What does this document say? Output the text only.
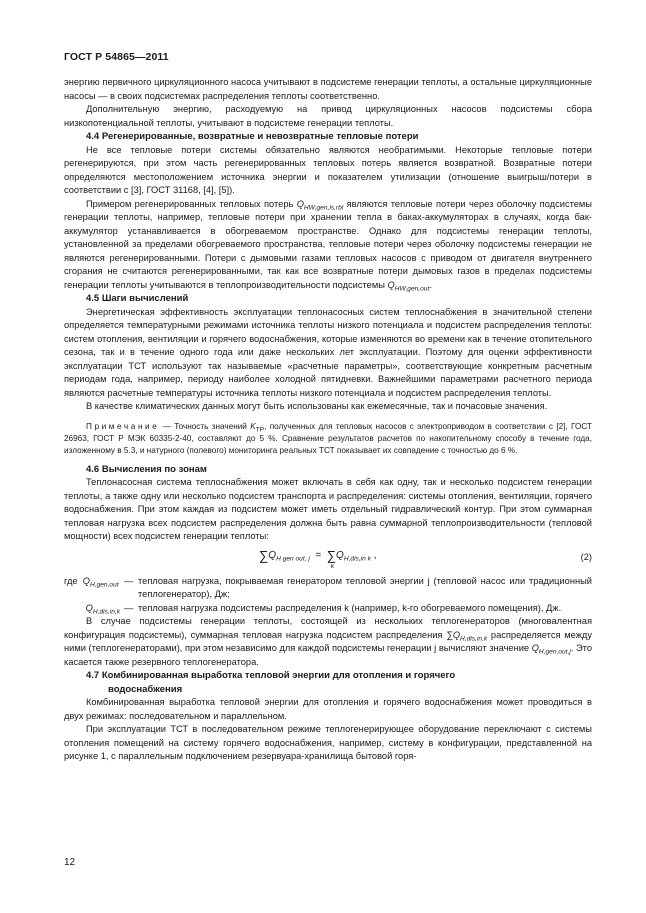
ГОСТ Р 54865—2011

энергию первичного циркуляционного насоса учитывают в подсистеме генерации теплоты, а остальные циркуляционные насосы — в своих подсистемах распределения теплоты соответственно.

Дополнительную энергию, расходуемую на привод циркуляционных насосов подсистемы сбора низкопотенциальной теплоты, учитывают в подсистеме генерации теплоты.

4.4 Регенерированные, возвратные и невозвратные тепловые потери

Не все тепловые потери системы обязательно являются необратимыми. Некоторые тепловые потери регенерируются, при этом часть регенерированных тепловых потерь является возвратной. Возвратные потери определяются местоположением источника энергии и показателем утилизации (отношение выигрыш/потери в соответствии с [3], ГОСТ 31168, [4], [5]).

Примером регенерированных тепловых потерь $Q_{HW,gen,ls,rbl}$ являются тепловые потери через оболочку подсистемы генерации теплоты, например, тепловые потери при хранении тепла в баках-аккумуляторах в случаях, когда бак-аккумулятор устанавливается в обогреваемом пространстве. Однако для подсистемы генерации теплоты, установленной за пределами обогреваемого пространства, тепловые потери через оболочку подсистемы генерации не являются регенерированными. Потери с дымовыми газами тепловых насосов с приводом от двигателя внутреннего сгорания не считаются регенерированными, так как все возвратные потери дымовых газов в пределах подсистемы генерации теплоты учитываются в теплопроизводительности подсистемы $Q_{HW,gen,out}$.

4.5 Шаги вычислений

Энергетическая эффективность эксплуатации теплонасосных систем теплоснабжения в значительной степени определяется температурными режимами источника теплоты низкого потенциала и подсистем распределения теплоты: систем отопления, вентиляции и горячего водоснабжения, которые изменяются во времени как в течение отопительного сезона, так и в течение одного года или даже нескольких лет эксплуатации. Поэтому для оценки эффективности эксплуатации ТСТ используют так называемые «расчетные параметры», соответствующие конкретным расчетным периодам года, например, периоду наиболее холодной пятидневки. Важнейшими параметрами расчетного периода являются расчетные температуры источника теплоты низкого потенциала и подсистем распределения теплоты.

В качестве климатических данных могут быть использованы как ежемесячные, так и почасовые значения.

Примечание — Точность значений $K_{ТР}$, полученных для тепловых насосов с электроприводом в соответствии с [2], ГОСТ 26963, ГОСТ Р МЭК 60335-2-40, составляют до 5 %. Сравнение результатов расчетов по накопительному способу в течение года, изложенному в 5.3, и натурного (полевого) мониторинга реальных ТСТ показывает их совпадение с точностью до 6 %.
4.6 Вычисления по зонам

Теплонасосная система теплоснабжения может включать в себя как одну, так и несколько подсистем генерации теплоты, а также одну или несколько подсистем транспорта и распределения: системы отопления, вентиляции, горячего водоснабжения. При этом каждая из подсистем может иметь отдельный гидравлический контур. При этом суммарная тепловая нагрузка всех подсистем распределения должна быть равна суммарной теплопроизводительности (тепловой мощности) всех подсистем генерации теплоты:

$\sum Q_{H gen out, j}$ = ∑
k
$Q_{H,dis,in k}$ ,	(2)
где $Q_{H,gen,out}$ — тепловая нагрузка, покрываемая генератором тепловой энергии j (тепловой насос или традиционный теплогенератор), Дж;
$Q_{H,dis,in,k}$ — тепловая нагрузка подсистемы распределения k (например, k-го обогреваемого помещения), Дж.

В случае подсистемы генерации теплоты, состоящей из нескольких теплогенераторов (многовалентная конфигурация подсистемы), суммарная тепловая нагрузка подсистем распределения $\sum Q_{H,dis,in,k}$ распределяется между ними (теплогенераторами), при этом независимо для каждой подсистемы генерации j вычисляют значение $Q_{H,gen,out,j}$. Это касается также резервного теплогенератора.

4.7 Комбинированная выработка тепловой энергии для отопления и горячего
водоснабжения

Комбинированная выработка тепловой энергии для отопления и горячего водоснабжения может проводиться в двух режимах: последовательном и параллельном.

При эксплуатации ТСТ в последовательном режиме теплогенерирующее оборудование переключают с системы отопления помещений на систему горячего водоснабжения, например, систему в конфигурации, представленной на рисунке 1, с параллельным подключением резервуара-хранилища бытовой горя-

12
